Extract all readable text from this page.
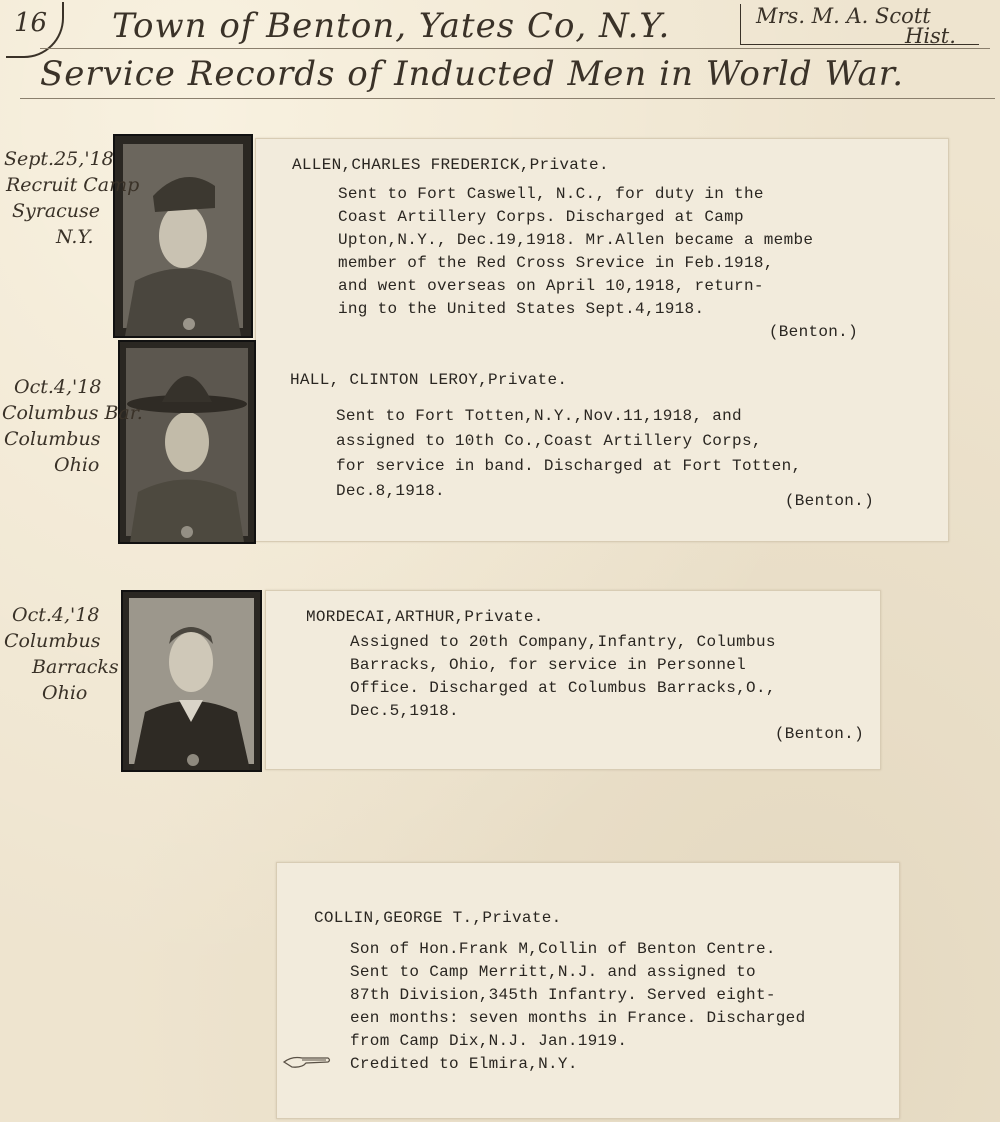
16 Town of Benton, Yates Co, N.Y.
Service Records of Inducted Men in World War.
Mrs. M. A. Scott
Hist.
Sept.25,'18
Recruit Camp
Syracuse
N.Y.
Oct.4,'18
Columbus Bar.
Columbus
Ohio
Oct.4,'18
Columbus
Barracks
Ohio
ALLEN,CHARLES FREDERICK,Private.
Sent to Fort Caswell, N.C., for duty in the
Coast Artillery Corps. Discharged at Camp
Upton,N.Y., Dec.19,1918. Mr.Allen became a membe
member of the Red Cross Srevice in Feb.1918,
and went overseas on April 10,1918, return-
ing to the United States Sept.4,1918.
(Benton.)
HALL, CLINTON LEROY,Private.
Sent to Fort Totten,N.Y.,Nov.11,1918, and
assigned to 10th Co.,Coast Artillery Corps,
for service in band. Discharged at Fort Totten,
Dec.8,1918.
(Benton.)
MORDECAI,ARTHUR,Private.
Assigned to 20th Company,Infantry, Columbus
Barracks, Ohio, for service in Personnel
Office. Discharged at Columbus Barracks,O.,
Dec.5,1918.
(Benton.)
COLLIN,GEORGE T.,Private.
Son of Hon.Frank M,Collin of Benton Centre.
Sent to Camp Merritt,N.J. and assigned to
87th Division,345th Infantry. Served eight-
een months: seven months in France. Discharged
from Camp Dix,N.J. Jan.1919.
Credited to Elmira,N.Y.
